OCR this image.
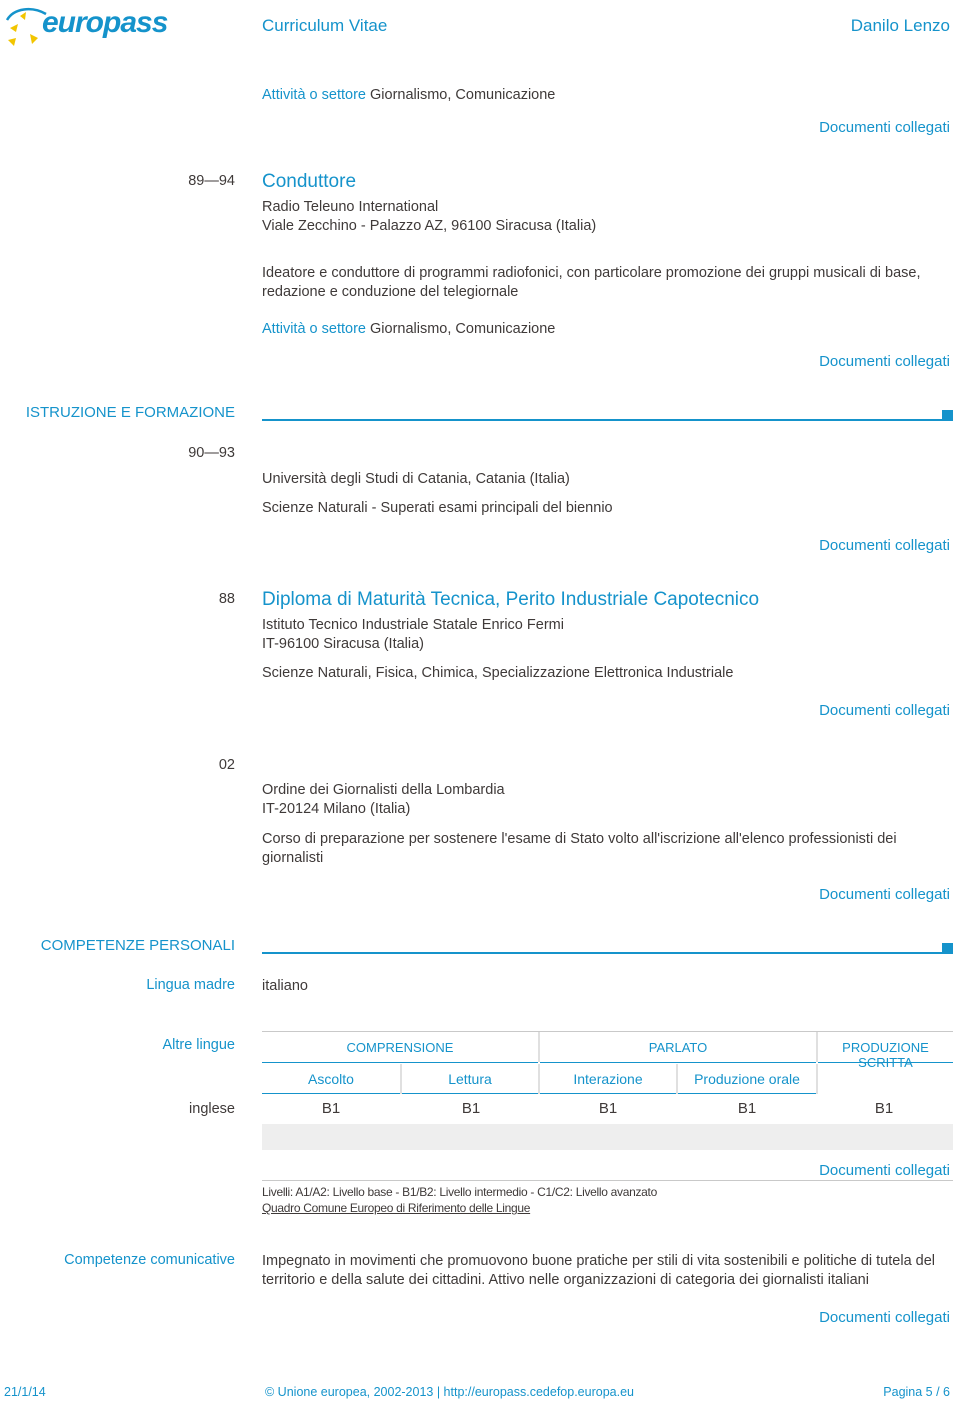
europass	Curriculum Vitae	Danilo Lenzo
Attività o settore Giornalismo, Comunicazione
Documenti collegati
89—94 Conduttore
Radio Teleuno International
Viale Zecchino - Palazzo AZ, 96100 Siracusa (Italia)
Ideatore e conduttore di programmi radiofonici, con particolare promozione dei gruppi musicali di base, redazione e conduzione del telegiornale
Attività o settore Giornalismo, Comunicazione
Documenti collegati
ISTRUZIONE E FORMAZIONE
90—93
Università degli Studi di Catania, Catania (Italia)
Scienze Naturali - Superati esami principali del biennio
Documenti collegati
88 Diploma di Maturità Tecnica, Perito Industriale Capotecnico
Istituto Tecnico Industriale Statale Enrico Fermi
IT-96100 Siracusa (Italia)
Scienze Naturali, Fisica, Chimica, Specializzazione Elettronica Industriale
Documenti collegati
02
Ordine dei Giornalisti della Lombardia
IT-20124 Milano (Italia)
Corso di preparazione per sostenere l'esame di Stato volto all'iscrizione all'elenco professionisti dei giornalisti
Documenti collegati
COMPETENZE PERSONALI
Lingua madre italiano
Altre lingue	COMPRENSIONE	PARLATO	PRODUZIONE SCRITTA
Ascolto	Lettura	Interazione	Produzione orale
inglese	B1	B1	B1	B1	B1
Documenti collegati
Livelli: A1/A2: Livello base - B1/B2: Livello intermedio - C1/C2: Livello avanzato
Quadro Comune Europeo di Riferimento delle Lingue
Competenze comunicative Impegnato in movimenti che promuovono buone pratiche per stili di vita sostenibili e politiche di tutela del territorio e della salute dei cittadini. Attivo nelle organizzazioni di categoria dei giornalisti italiani
Documenti collegati
21/1/14	© Unione europea, 2002-2013 | http://europass.cedefop.europa.eu	Pagina 5 / 6
